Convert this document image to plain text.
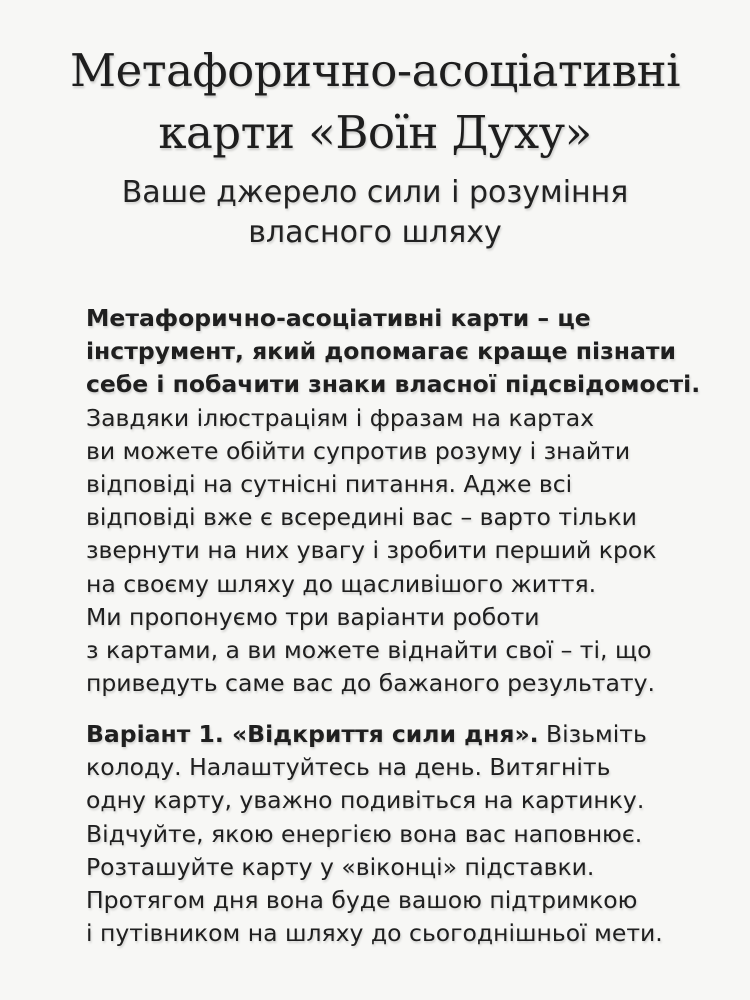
Метафорично-асоціативні
карти «Воїн Духу»
Ваше джерело сили і розуміння
власного шляху
Метафорично-асоціативні карти – це
інструмент, який допомагає краще пізнати
себе і побачити знаки власної підсвідомості.
Завдяки ілюстраціям і фразам на картах
ви можете обійти супротив розуму і знайти
відповіді на сутнісні питання. Адже всі
відповіді вже є всередині вас – варто тільки
звернути на них увагу і зробити перший крок
на своєму шляху до щасливішого життя.
Ми пропонуємо три варіанти роботи
з картами, а ви можете віднайти свої – ті, що
приведуть саме вас до бажаного результату.
Варіант 1. «Відкриття сили дня». Візьміть
колоду. Налаштуйтесь на день. Витягніть
одну карту, уважно подивіться на картинку.
Відчуйте, якою енергією вона вас наповнює.
Розташуйте карту у «віконці» підставки.
Протягом дня вона буде вашою підтримкою
і путівником на шляху до сьогоднішньої мети.
